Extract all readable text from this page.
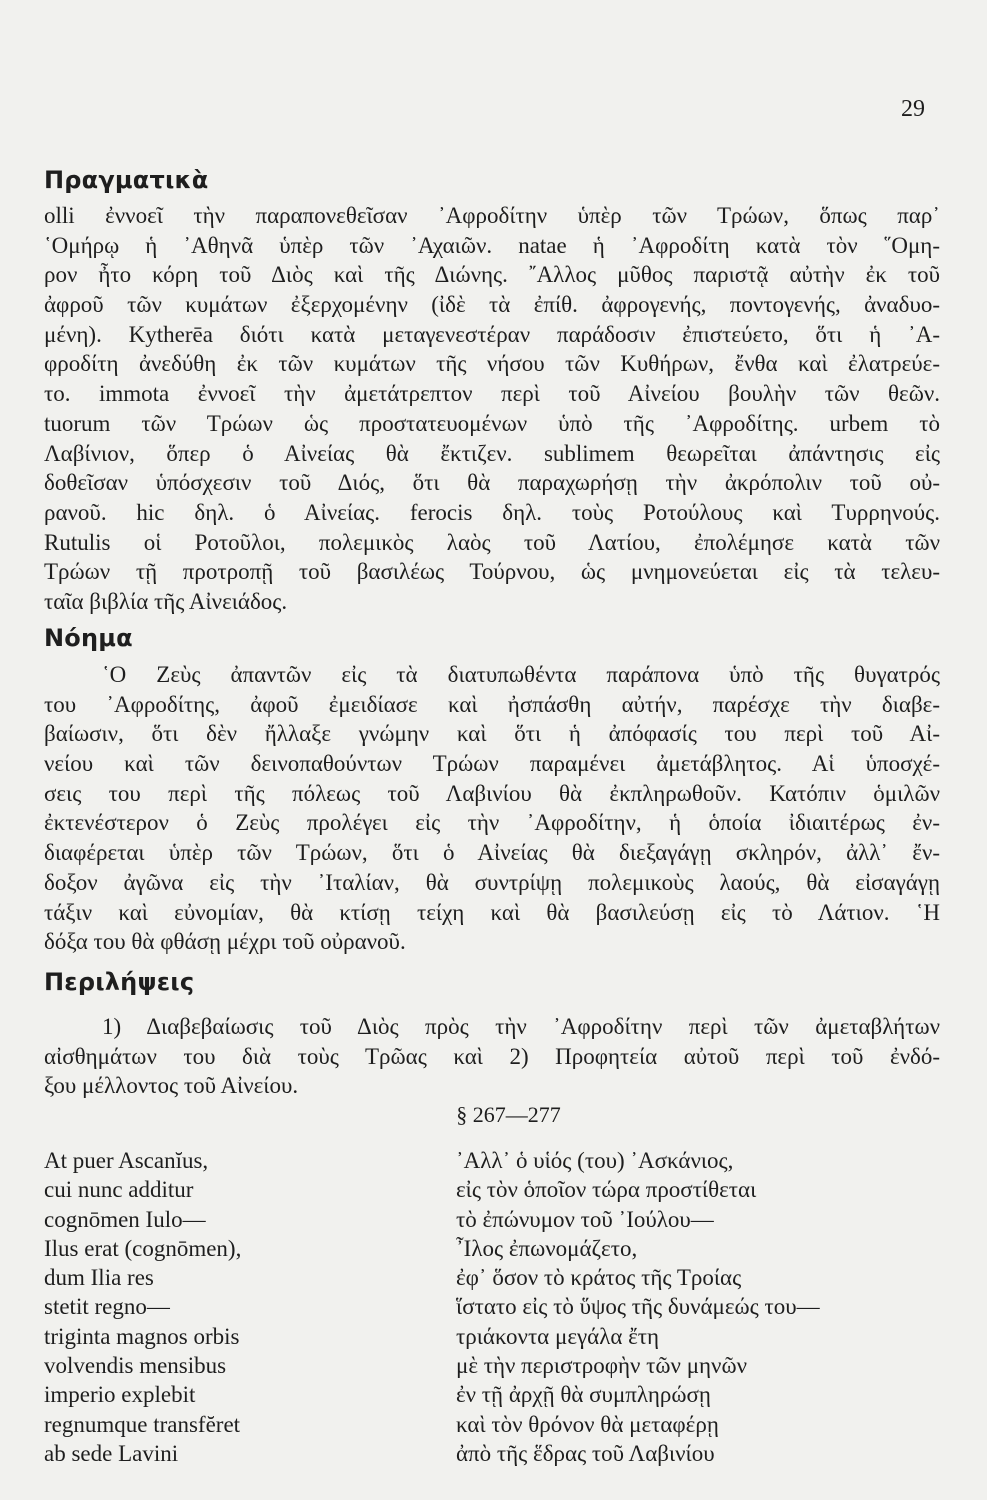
29
Πραγματικὰ
olli ἐννοεῖ τὴν παραπονεθεῖσαν ᾿Αφροδίτην ὑπὲρ τῶν Τρώων, ὅπως παρ᾿
῾Ομήρῳ ἡ ᾿Αθηνᾶ ὑπὲρ τῶν ᾿Αχαιῶν. natae ἡ ᾿Αφροδίτη κατὰ τὸν ῞Ομη-
ρον ἦτο κόρη τοῦ Διὸς καὶ τῆς Διώνης. ῎Αλλος μῦθος παριστᾷ αὐτὴν ἐκ τοῦ
ἀφροῦ τῶν κυμάτων ἐξερχομένην (ἰδὲ τὰ ἐπίθ. ἀφρογενής, ποντογενής, ἀναδυο-
μένη). Kytherēa διότι κατὰ μεταγενεστέραν παράδοσιν ἐπιστεύετο, ὅτι ἡ ᾿Α-
φροδίτη ἀνεδύθη ἐκ τῶν κυμάτων τῆς νήσου τῶν Κυθήρων, ἔνθα καὶ ἐλατρεύε-
το. immota ἐννοεῖ τὴν ἀμετάτρεπτον περὶ τοῦ Αἰνείου βουλὴν τῶν θεῶν.
tuorum τῶν Τρώων ὡς προστατευομένων ὑπὸ τῆς ᾿Αφροδίτης. urbem τὸ
Λαβίνιον, ὅπερ ὁ Αἰνείας θὰ ἔκτιζεν. sublimem θεωρεῖται ἀπάντησις εἰς
δοθεῖσαν ὑπόσχεσιν τοῦ Διός, ὅτι θὰ παραχωρήσῃ τὴν ἀκρόπολιν τοῦ οὐ-
ρανοῦ. hic δηλ. ὁ Αἰνείας. ferocis δηλ. τοὺς Ροτούλους καὶ Τυρρηνούς.
Rutulis οἱ Ροτοῦλοι, πολεμικὸς λαὸς τοῦ Λατίου, ἐπολέμησε κατὰ τῶν
Τρώων τῇ προτροπῇ τοῦ βασιλέως Τούρνου, ὡς μνημονεύεται εἰς τὰ τελευ-
ταῖα βιβλία τῆς Αἰνειάδος.
Νόημα
῾Ο Ζεὺς ἀπαντῶν εἰς τὰ διατυπωθέντα παράπονα ὑπὸ τῆς θυγατρός
του ᾿Αφροδίτης, ἀφοῦ ἐμειδίασε καὶ ἠσπάσθη αὐτήν, παρέσχε τὴν διαβε-
βαίωσιν, ὅτι δὲν ἤλλαξε γνώμην καὶ ὅτι ἡ ἀπόφασίς του περὶ τοῦ Αἰ-
νείου καὶ τῶν δεινοπαθούντων Τρώων παραμένει ἀμετάβλητος. Αἱ ὑποσχέ-
σεις του περὶ τῆς πόλεως τοῦ Λαβινίου θὰ ἐκπληρωθοῦν. Κατόπιν ὁμιλῶν
ἐκτενέστερον ὁ Ζεὺς προλέγει εἰς τὴν ᾿Αφροδίτην, ἡ ὁποία ἰδιαιτέρως ἐν-
διαφέρεται ὑπὲρ τῶν Τρώων, ὅτι ὁ Αἰνείας θὰ διεξαγάγῃ σκληρόν, ἀλλ᾿ ἔν-
δοξον ἀγῶνα εἰς τὴν ᾿Ιταλίαν, θὰ συντρίψῃ πολεμικοὺς λαούς, θὰ εἰσαγάγῃ
τάξιν καὶ εὐνομίαν, θὰ κτίσῃ τείχη καὶ θὰ βασιλεύσῃ εἰς τὸ Λάτιον. ῾Η
δόξα του θὰ φθάσῃ μέχρι τοῦ οὐρανοῦ.
Περιλήψεις
1) Διαβεβαίωσις τοῦ Διὸς πρὸς τὴν ᾿Αφροδίτην περὶ τῶν ἀμεταβλήτων
αἰσθημάτων του διὰ τοὺς Τρῶας καὶ 2) Προφητεία αὐτοῦ περὶ τοῦ ἐνδό-
ξου μέλλοντος τοῦ Αἰνείου.
§ 267—277
At puer Ascanĭus,	᾿Αλλ᾿ ὁ υἱός (του) ᾿Ασκάνιος,
cui nunc additur	εἰς τὸν ὁποῖον τώρα προστίθεται
cognōmen Iulo—	τὸ ἐπώνυμον τοῦ ᾿Ιούλου—
Ilus erat (cognōmen),	῏Ιλος ἐπωνομάζετο,
dum Ilia res	ἐφ᾿ ὅσον τὸ κράτος τῆς Τροίας
stetit regno—	ἵστατο εἰς τὸ ὕψος τῆς δυνάμεώς του—
triginta magnos orbis	τριάκοντα μεγάλα ἔτη
volvendis mensibus	μὲ τὴν περιστροφὴν τῶν μηνῶν
imperio explebit	ἐν τῇ ἀρχῇ θὰ συμπληρώσῃ
regnumque transfĕret	καὶ τὸν θρόνον θὰ μεταφέρῃ
ab sede Lavini	ἀπὸ τῆς ἕδρας τοῦ Λαβινίου
